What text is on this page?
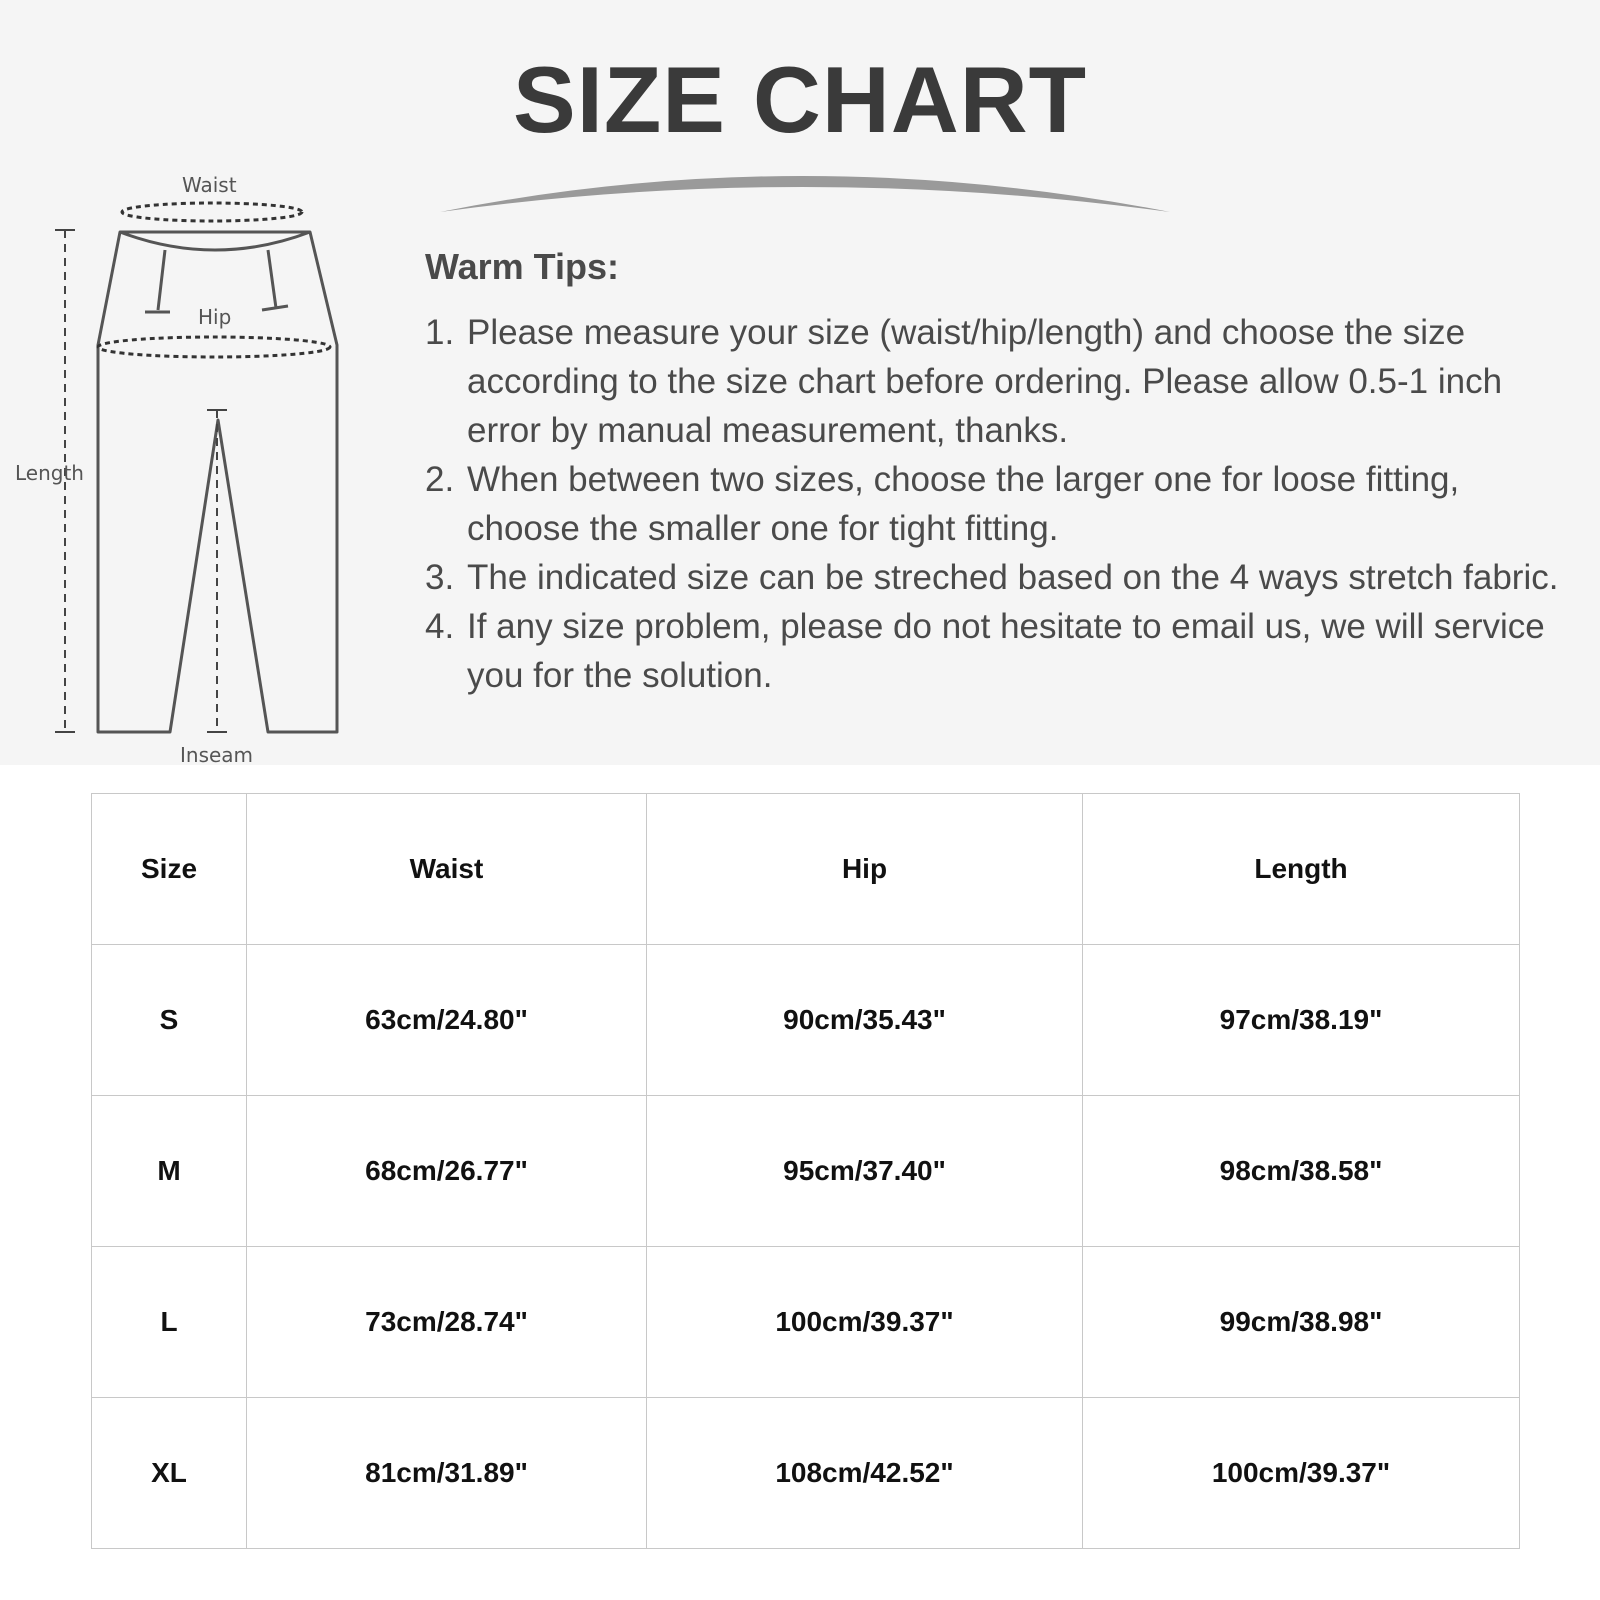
SIZE CHART
Waist
Hip
Length
Inseam
Warm Tips:
1. Please measure your size (waist/hip/length) and choose the size according to the size chart before ordering. Please allow 0.5-1 inch error by manual measurement, thanks.
2. When between two sizes, choose the larger one for loose fitting, choose the smaller one for tight fitting.
3. The indicated size can be streched based on the 4 ways stretch fabric.
4. If any size problem, please do not hesitate to email us, we will service you for the solution.
Size	Waist	Hip	Length
S	63cm/24.80"	90cm/35.43"	97cm/38.19"
M	68cm/26.77"	95cm/37.40"	98cm/38.58"
L	73cm/28.74"	100cm/39.37"	99cm/38.98"
XL	81cm/31.89"	108cm/42.52"	100cm/39.37"
